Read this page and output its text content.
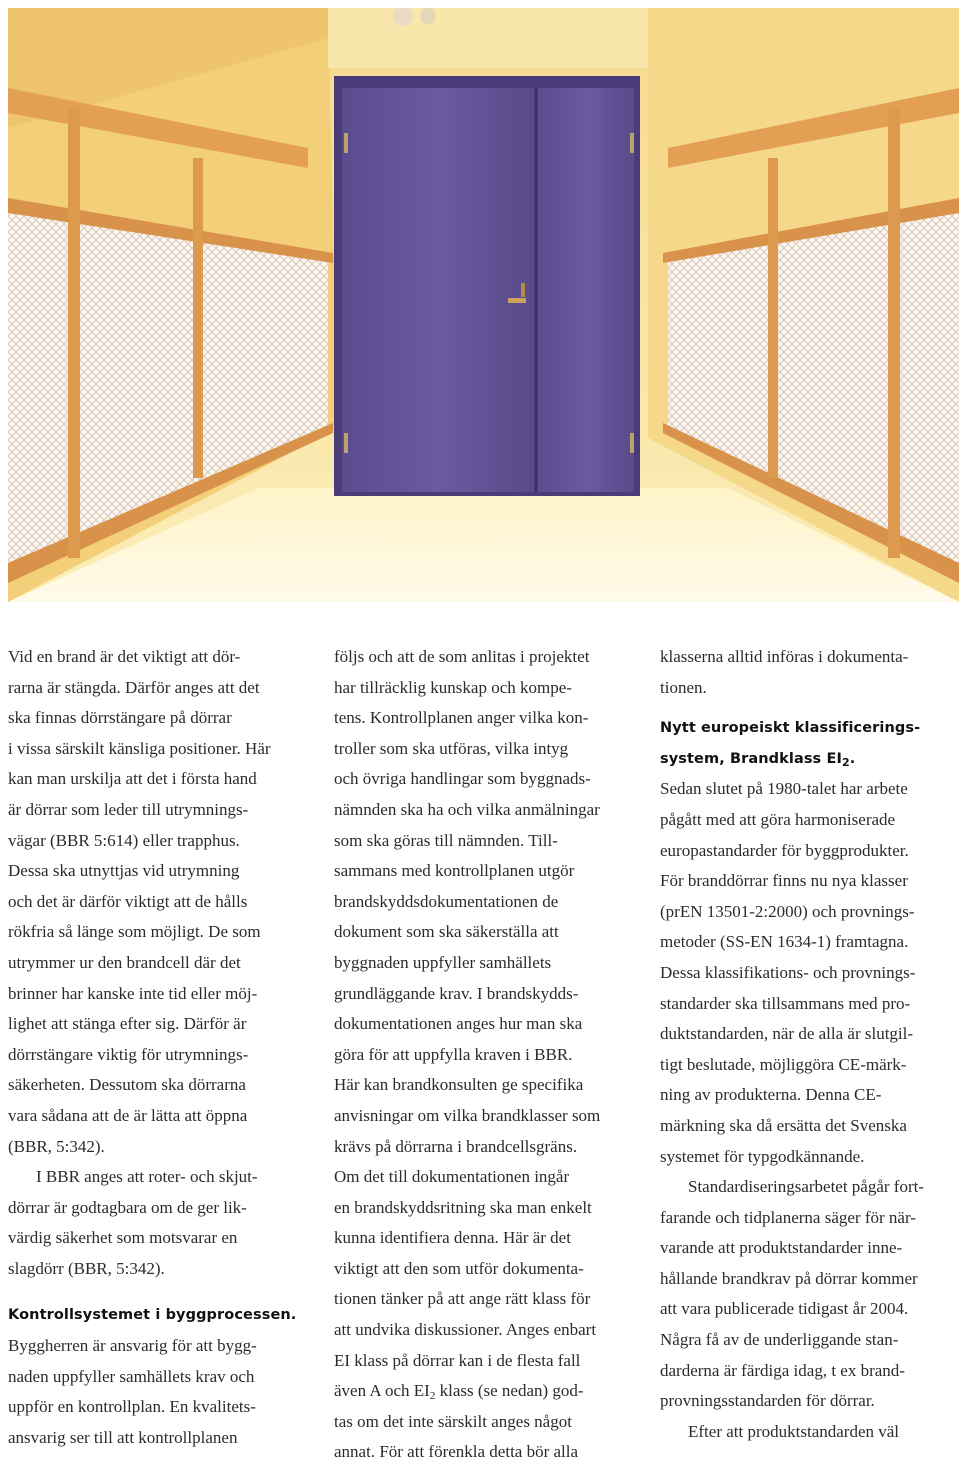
Vid en brand är det viktigt att dör-
rarna är stängda. Därför anges att det
ska finnas dörrstängare på dörrar
i vissa särskilt känsliga positioner. Här
kan man urskilja att det i första hand
är dörrar som leder till utrymnings-
vägar (BBR 5:614) eller trapphus.
Dessa ska utnyttjas vid utrymning
och det är därför viktigt att de hålls
rökfria så länge som möjligt. De som
utrymmer ur den brandcell där det
brinner har kanske inte tid eller möj-
lighet att stänga efter sig. Därför är
dörrstängare viktig för utrymnings-
säkerheten. Dessutom ska dörrarna
vara sådana att de är lätta att öppna
(BBR, 5:342).
I BBR anges att roter- och skjut-
dörrar är godtagbara om de ger lik-
värdig säkerhet som motsvarar en
slagdörr (BBR, 5:342).
Kontrollsystemet i byggprocessen.
Byggherren är ansvarig för att bygg-
naden uppfyller samhällets krav och
uppför en kontrollplan. En kvalitets-
ansvarig ser till att kontrollplanen
följs och att de som anlitas i projektet
har tillräcklig kunskap och kompe-
tens. Kontrollplanen anger vilka kon-
troller som ska utföras, vilka intyg
och övriga handlingar som byggnads-
nämnden ska ha och vilka anmälningar
som ska göras till nämnden. Till-
sammans med kontrollplanen utgör
brandskyddsdokumentationen de
dokument som ska säkerställa att
byggnaden uppfyller samhällets
grundläggande krav. I brandskydds-
dokumentationen anges hur man ska
göra för att uppfylla kraven i BBR.
Här kan brandkonsulten ge specifika
anvisningar om vilka brandklasser som
krävs på dörrarna i brandcellsgräns.
Om det till dokumentationen ingår
en brandskyddsritning ska man enkelt
kunna identifiera denna. Här är det
viktigt att den som utför dokumenta-
tionen tänker på att ange rätt klass för
att undvika diskussioner. Anges enbart
EI klass på dörrar kan i de flesta fall
även A och $EI_2$ klass (se nedan) god-
tas om det inte särskilt anges något
annat. För att förenkla detta bör alla
klasserna alltid införas i dokumenta-
tionen.
Nytt europeiskt klassificerings-
system, Brandklass $EI_2$.
Sedan slutet på 1980-talet har arbete
pågått med att göra harmoniserade
europastandarder för byggprodukter.
För branddörrar finns nu nya klasser
(prEN 13501-2:2000) och provnings-
metoder (SS-EN 1634-1) framtagna.
Dessa klassifikations- och provnings-
standarder ska tillsammans med pro-
duktstandarden, när de alla är slutgil-
tigt beslutade, möjliggöra CE-märk-
ning av produkterna. Denna CE-
märkning ska då ersätta det Svenska
systemet för typgodkännande.
Standardiseringsarbetet pågår fort-
farande och tidplanerna säger för när-
varande att produktstandarder inne-
hållande brandkrav på dörrar kommer
att vara publicerade tidigast år 2004.
Några få av de underliggande stan-
darderna är färdiga idag, t ex brand-
provningsstandarden för dörrar.
Efter att produktstandarden väl
